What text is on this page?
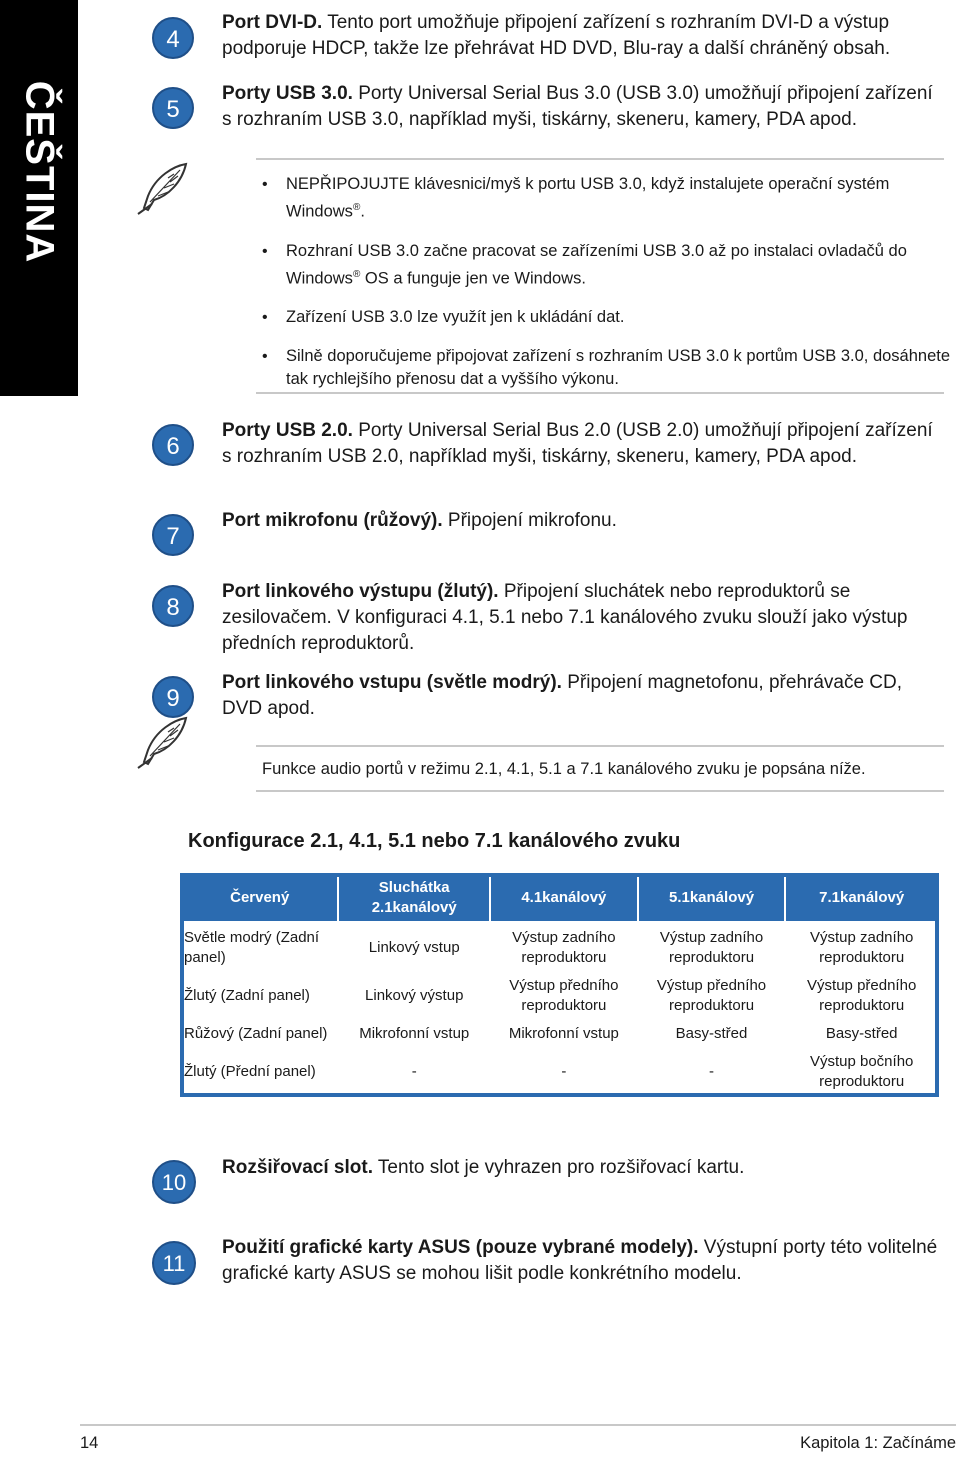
ČEŠTINA
4
Port DVI-D. Tento port umožňuje připojení zařízení s rozhraním DVI-D a výstup podporuje HDCP, takže lze přehrávat HD DVD, Blu-ray a další chráněný obsah.
5
Porty USB 3.0. Porty Universal Serial Bus 3.0 (USB 3.0) umožňují připojení zařízení s rozhraním USB 3.0, například myši, tiskárny, skeneru, kamery, PDA apod.
• NEPŘIPOJUJTE klávesnici/myš k portu USB 3.0, když instalujete operační systém Windows®.
• Rozhraní USB 3.0 začne pracovat se zařízeními USB 3.0 až po instalaci ovladačů do Windows® OS a funguje jen ve Windows.
• Zařízení USB 3.0 lze využít jen k ukládání dat.
• Silně doporučujeme připojovat zařízení s rozhraním USB 3.0 k portům USB 3.0, dosáhnete tak rychlejšího přenosu dat a vyššího výkonu.
6
Porty USB 2.0. Porty Universal Serial Bus 2.0 (USB 2.0) umožňují připojení zařízení s rozhraním USB 2.0, například myši, tiskárny, skeneru, kamery, PDA apod.
7
Port mikrofonu (růžový). Připojení mikrofonu.
8
Port linkového výstupu (žlutý). Připojení sluchátek nebo reproduktorů se zesilovačem. V konfiguraci 4.1, 5.1 nebo 7.1 kanálového zvuku slouží jako výstup předních reproduktorů.
9
Port linkového vstupu (světle modrý). Připojení magnetofonu, přehrávače CD, DVD apod.
Funkce audio portů v režimu 2.1, 4.1, 5.1 a 7.1 kanálového zvuku je popsána níže.
Konfigurace 2.1, 4.1, 5.1 nebo 7.1 kanálového zvuku
Červený	Sluchátka 2.1kanálový	4.1kanálový	5.1kanálový	7.1kanálový
Světle modrý (Zadní panel)	Linkový vstup	Výstup zadního reproduktoru	Výstup zadního reproduktoru	Výstup zadního reproduktoru
Žlutý (Zadní panel)	Linkový výstup	Výstup předního reproduktoru	Výstup předního reproduktoru	Výstup předního reproduktoru
Růžový (Zadní panel)	Mikrofonní vstup	Mikrofonní vstup	Basy-střed	Basy-střed
Žlutý (Přední panel)	-	-	-	Výstup bočního reproduktoru
10
Rozšiřovací slot. Tento slot je vyhrazen pro rozšiřovací kartu.
11
Použití grafické karty ASUS (pouze vybrané modely). Výstupní porty této volitelné grafické karty ASUS se mohou lišit podle konkrétního modelu.
14	Kapitola 1: Začínáme
